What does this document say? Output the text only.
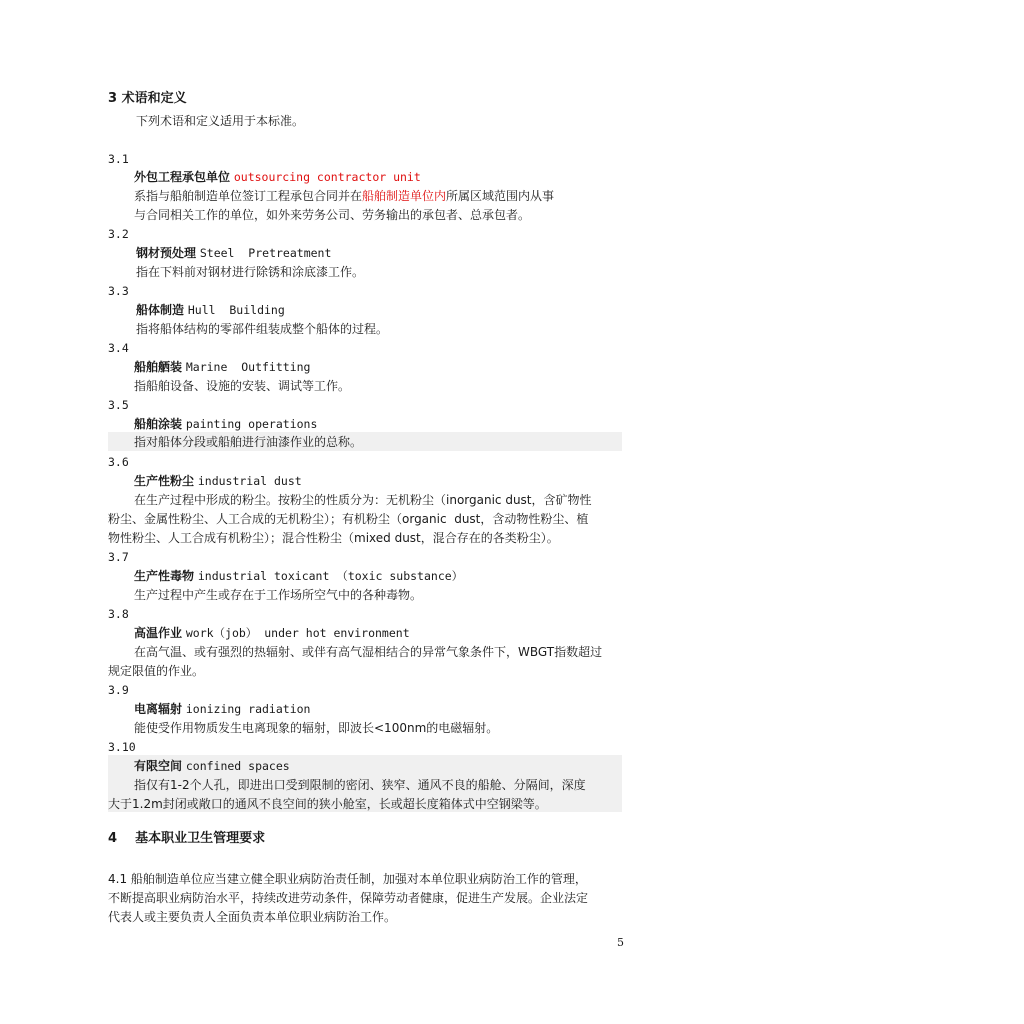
3 术语和定义
下列术语和定义适用于本标准。
3.1
外包工程承包单位 outsourcing contractor unit
系指与船舶制造单位签订工程承包合同并在船舶制造单位内所属区域范围内从事
与合同相关工作的单位，如外来劳务公司、劳务输出的承包者、总承包者。
3.2
钢材预处理 Steel  Pretreatment
指在下料前对钢材进行除锈和涂底漆工作。
3.3
船体制造 Hull  Building
指将船体结构的零部件组装成整个船体的过程。
3.4
船舶舾装 Marine  Outfitting
指船舶设备、设施的安装、调试等工作。
3.5
船舶涂装 painting operations
指对船体分段或船舶进行油漆作业的总称。
3.6
生产性粉尘 industrial dust
在生产过程中形成的粉尘。按粉尘的性质分为：无机粉尘（inorganic dust，含矿物性
粉尘、金属性粉尘、人工合成的无机粉尘）；有机粉尘（organic  dust，含动物性粉尘、植
物性粉尘、人工合成有机粉尘）；混合性粉尘（mixed dust，混合存在的各类粉尘）。
3.7
生产性毒物 industrial toxicant （toxic substance）
生产过程中产生或存在于工作场所空气中的各种毒物。
3.8
高温作业 work（job） under hot environment
在高气温、或有强烈的热辐射、或伴有高气湿相结合的异常气象条件下，WBGT指数超过
规定限值的作业。
3.9
电离辐射 ionizing radiation
能使受作用物质发生电离现象的辐射，即波长<100nm的电磁辐射。
3.10
有限空间 confined spaces
指仅有1-2个人孔，即进出口受到限制的密闭、狭窄、通风不良的船舱、分隔间，深度
大于1.2m封闭或敞口的通风不良空间的狭小舱室，长或超长度箱体式中空钢梁等。
4    基本职业卫生管理要求
4.1 船舶制造单位应当建立健全职业病防治责任制，加强对本单位职业病防治工作的管理，
不断提高职业病防治水平，持续改进劳动条件，保障劳动者健康，促进生产发展。企业法定
代表人或主要负责人全面负责本单位职业病防治工作。
5
